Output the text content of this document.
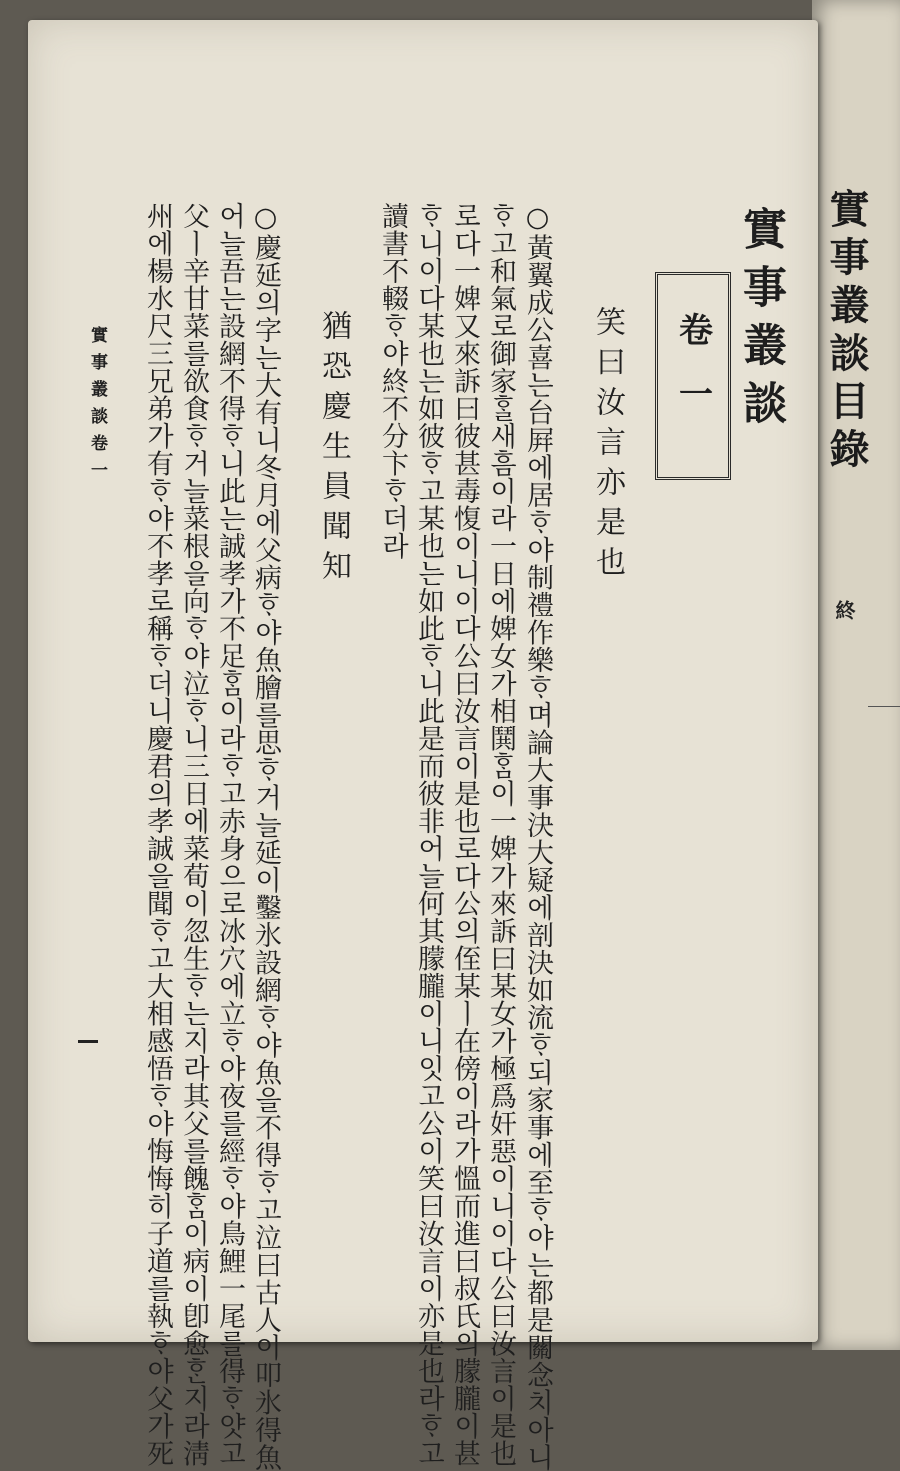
實事叢談目錄
終
實事叢談
卷一
笑曰汝言亦是也
○黃翼成公喜는台屛에居ᄒᆞ야制禮作樂ᄒᆞ며論大事決大疑에剖決如流ᄒᆞ되家事에至ᄒᆞ야는都是關念치아니
ᄒᆞ고和氣로御家ᄒᆞᆯ새흠이라一日에婢女가相鬨ᄒᆞᆷ이一婢가來訴曰某女가極爲奸惡이니이다公曰汝言이是也
로다一婢又來訴曰彼甚毒愎이니이다公曰汝言이是也로다公의侄某ㅣ在傍이라가慍而進曰叔氏의朦朧이甚
ᄒᆞ니이다某也는如彼ᄒᆞ고某也는如此ᄒᆞ니此是而彼非어늘何其朦朧이니잇고公이笑曰汝言이亦是也라ᄒᆞ고
讀書不輟ᄒᆞ야終不分卞ᄒᆞ더라
猶恐慶生員聞知
○慶延의字는大有니冬月에父病ᄒᆞ야魚膾를思ᄒᆞ거늘延이鑿氷設網ᄒᆞ야魚을不得ᄒᆞ고泣曰古人이叩氷得魚
어늘吾는設網不得ᄒᆞ니此는誠孝가不足ᄒᆞᆷ이라ᄒᆞ고赤身으로冰穴에立ᄒᆞ야夜를經ᄒᆞ야鳥鯉一尾를得ᄒᆞ얏고
父ㅣ辛甘菜를欲食ᄒᆞ거늘菜根을向ᄒᆞ야泣ᄒᆞ니三日에菜荀이忽生ᄒᆞ는지라其父를餽ᄒᆞᆷ이病이卽愈ᄒᆞᆫ지라淸
州에楊水尺三兄弟가有ᄒᆞ야不孝로稱ᄒᆞ더니慶君의孝誠을聞ᄒᆞ고大相感悟ᄒᆞ야悔悔히子道를執ᄒᆞ야父가死
實事叢談卷一
